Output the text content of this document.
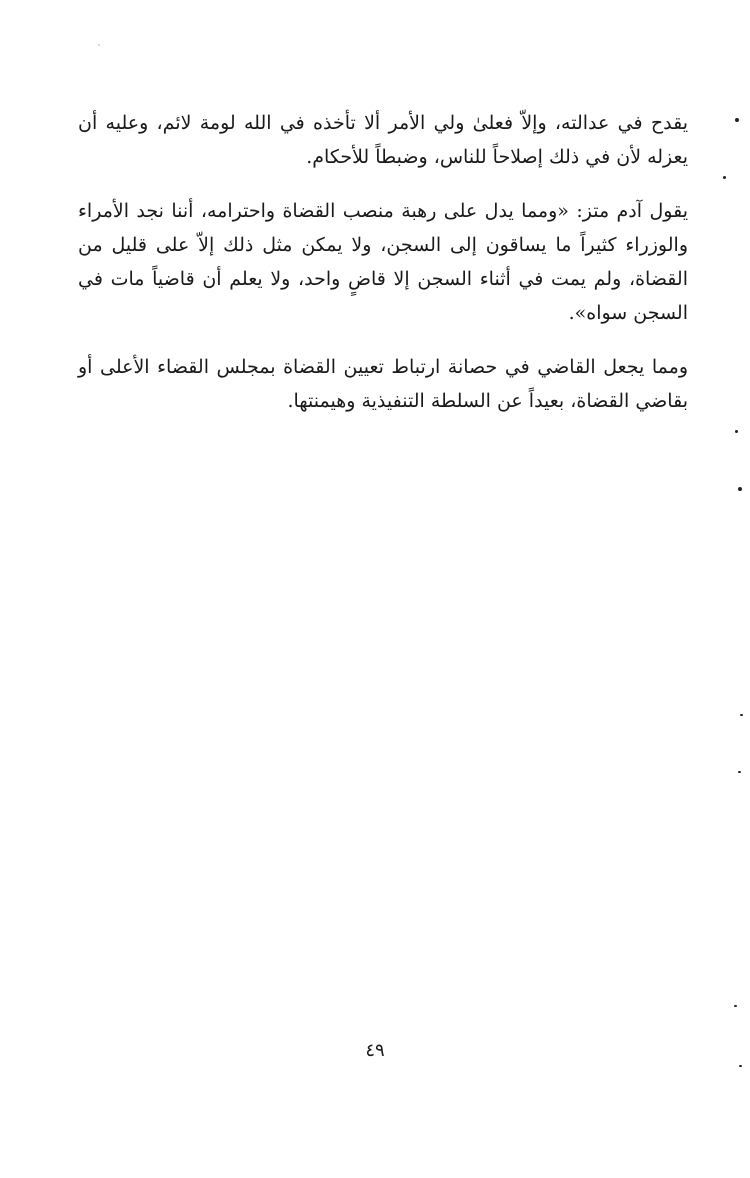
يقدح في عدالته، وإلاّ فعلىٰ ولي الأمر ألا تأخذه في الله لومة لائم، وعليه أن يعزله لأن في ذلك إصلاحاً للناس، وضبطاً للأحكام.

يقول آدم متز: «ومما يدل على رهبة منصب القضاة واحترامه، أننا نجد الأمراء والوزراء كثيراً ما يساقون إلى السجن، ولا يمكن مثل ذلك إلاّ على قليل من القضاة، ولم يمت في أثناء السجن إلا قاضٍ واحد، ولا يعلم أن قاضياً مات في السجن سواه».

ومما يجعل القاضي في حصانة ارتباط تعيين القضاة بمجلس القضاء الأعلى أو بقاضي القضاة، بعيداً عن السلطة التنفيذية وهيمنتها.

٤٩
